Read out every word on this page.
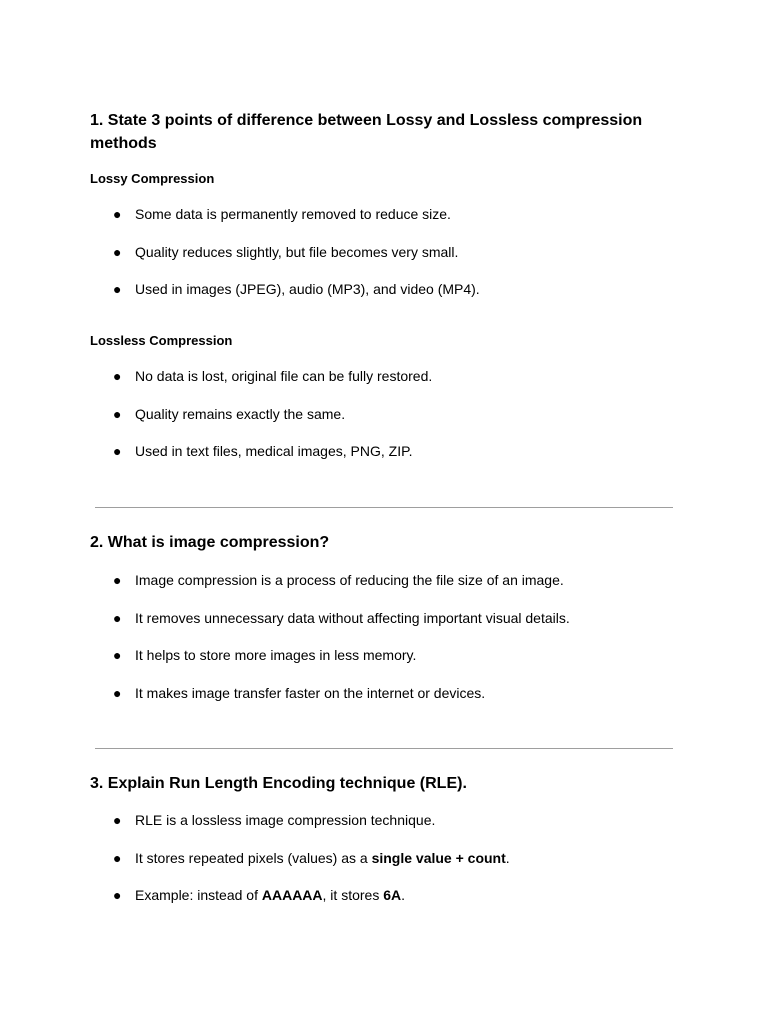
1. State 3 points of difference between Lossy and Lossless compression methods
Lossy Compression
● Some data is permanently removed to reduce size.
● Quality reduces slightly, but file becomes very small.
● Used in images (JPEG), audio (MP3), and video (MP4).
Lossless Compression
● No data is lost, original file can be fully restored.
● Quality remains exactly the same.
● Used in text files, medical images, PNG, ZIP.
2. What is image compression?
● Image compression is a process of reducing the file size of an image.
● It removes unnecessary data without affecting important visual details.
● It helps to store more images in less memory.
● It makes image transfer faster on the internet or devices.
3. Explain Run Length Encoding technique (RLE).
● RLE is a lossless image compression technique.
● It stores repeated pixels (values) as a single value + count.
● Example: instead of AAAAAA, it stores 6A.
